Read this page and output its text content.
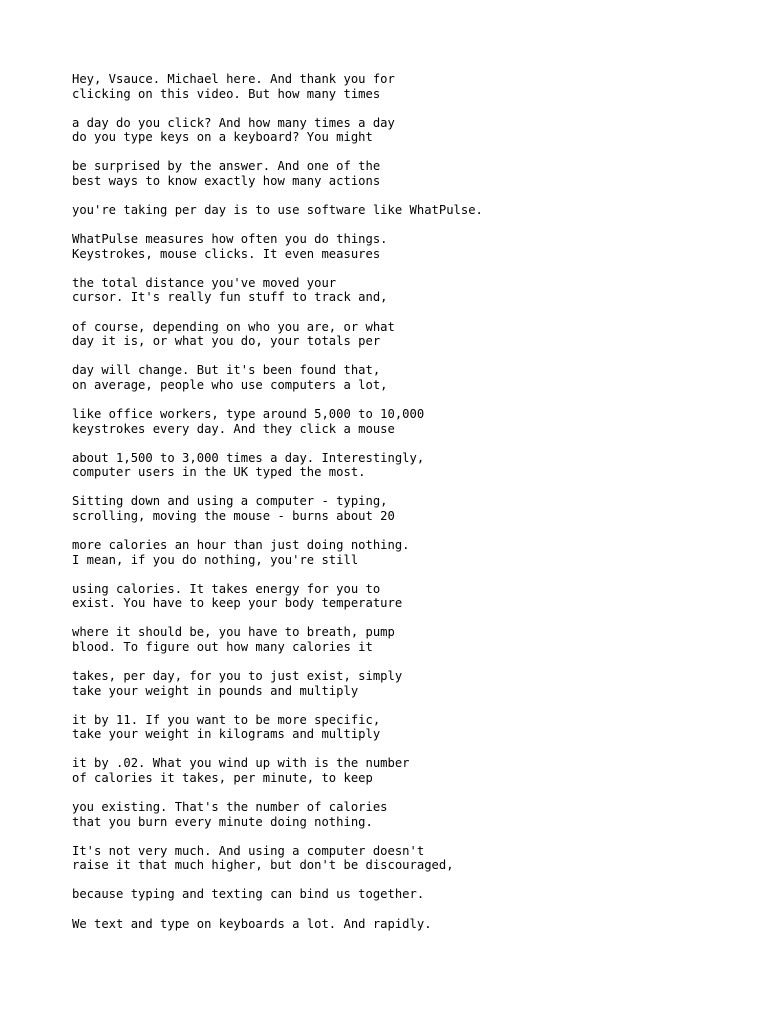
Hey, Vsauce. Michael here. And thank you for
clicking on this video. But how many times
a day do you click? And how many times a day
do you type keys on a keyboard? You might
be surprised by the answer. And one of the
best ways to know exactly how many actions
you're taking per day is to use software like WhatPulse.
WhatPulse measures how often you do things.
Keystrokes, mouse clicks. It even measures
the total distance you've moved your
cursor. It's really fun stuff to track and,
of course, depending on who you are, or what
day it is, or what you do, your totals per
day will change. But it's been found that,
on average, people who use computers a lot,
like office workers, type around 5,000 to 10,000
keystrokes every day. And they click a mouse
about 1,500 to 3,000 times a day. Interestingly,
computer users in the UK typed the most.
Sitting down and using a computer - typing,
scrolling, moving the mouse - burns about 20
more calories an hour than just doing nothing.
I mean, if you do nothing, you're still
using calories. It takes energy for you to
exist. You have to keep your body temperature
where it should be, you have to breath, pump
blood. To figure out how many calories it
takes, per day, for you to just exist, simply
take your weight in pounds and multiply
it by 11. If you want to be more specific,
take your weight in kilograms and multiply
it by .02. What you wind up with is the number
of calories it takes, per minute, to keep
you existing. That's the number of calories
that you burn every minute doing nothing.
It's not very much. And using a computer doesn't
raise it that much higher, but don't be discouraged,
because typing and texting can bind us together.
We text and type on keyboards a lot. And rapidly.
